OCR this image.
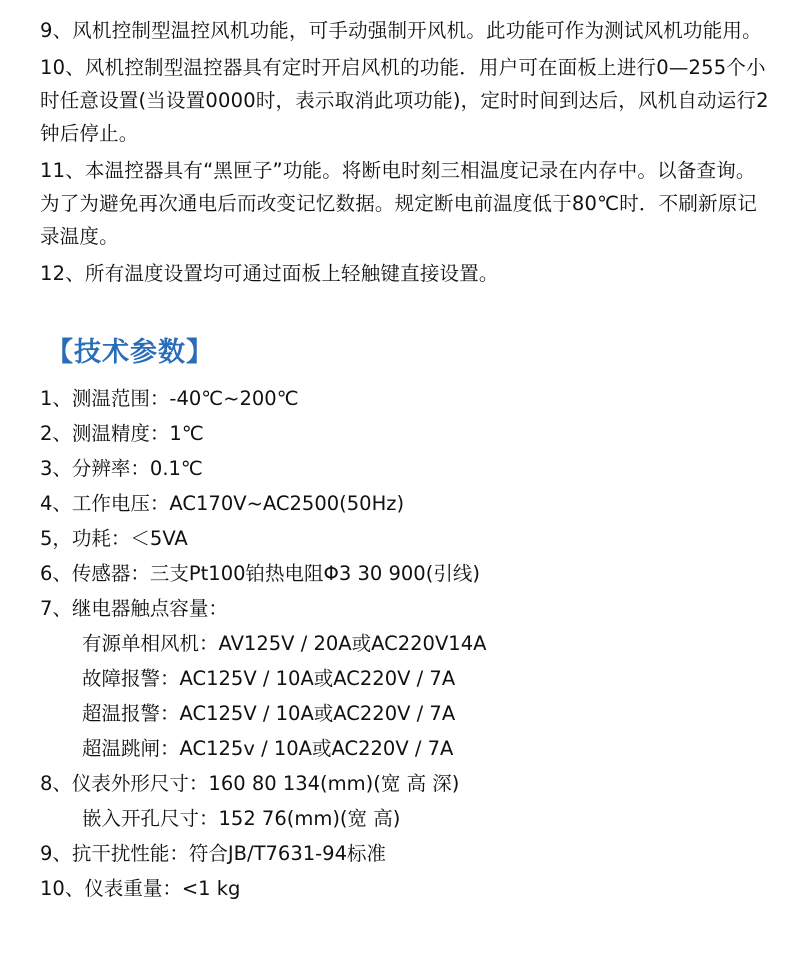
9、风机控制型温控风机功能，可手动强制开风机。此功能可作为测试风机功能用。

10、风机控制型温控器具有定时开启风机的功能．用户可在面板上进行0—255个小时任意设置(当设置0000时，表示取消此项功能)，定时时间到达后，风机自动运行2钟后停止。

11、本温控器具有“黑匣子”功能。将断电时刻三相温度记录在内存中。以备查询。为了为避免再次通电后而改变记忆数据。规定断电前温度低于80℃时．不刷新原记录温度。

12、所有温度设置均可通过面板上轻触键直接设置。

【技术参数】

1、测温范围：-40℃~200℃

2、测温精度：1℃

3、分辨率：0.1℃

4、工作电压：AC170V~AC2500(50Hz)

5，功耗：＜5VA

6、传感器：三支Pt100铂热电阻Φ3 30 900(引线)

7、继电器触点容量：

有源单相风机：AV125V / 20A或AC220V14A

故障报警：AC125V / 10A或AC220V / 7A

超温报警：AC125V / 10A或AC220V / 7A

超温跳闸：AC125v / 10A或AC220V / 7A

8、仪表外形尺寸：160 80 134(mm)(宽 高 深)

嵌入开孔尺寸：152 76(mm)(宽 高)

9、抗干扰性能：符合JB/T7631-94标准

10、仪表重量：<1 kg
